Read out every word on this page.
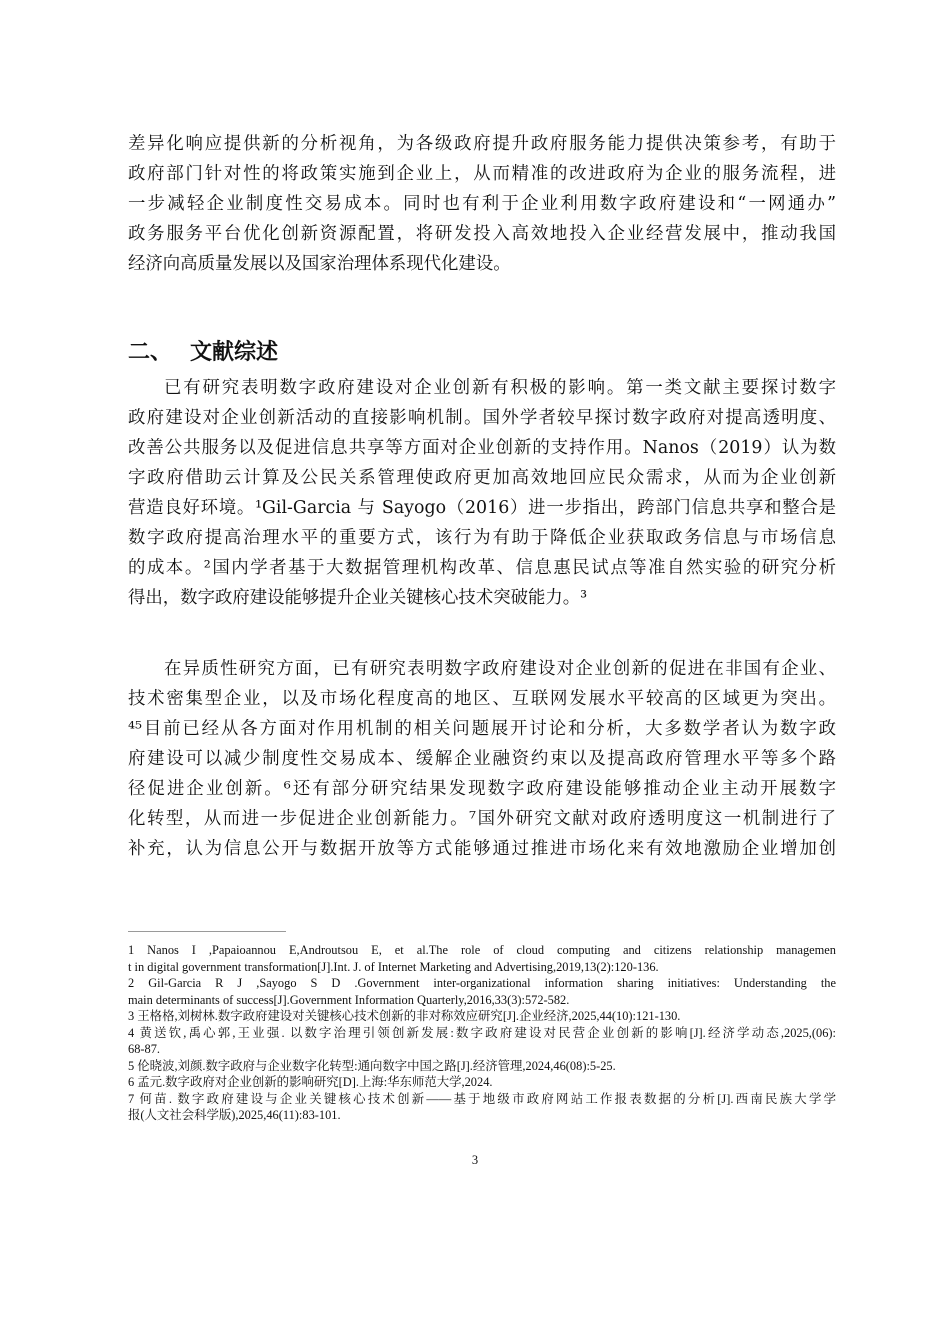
差异化响应提供新的分析视角，为各级政府提升政府服务能力提供决策参考，有助于
政府部门针对性的将政策实施到企业上，从而精准的改进政府为企业的服务流程，进
一步减轻企业制度性交易成本。同时也有利于企业利用数字政府建设和“一网通办”
政务服务平台优化创新资源配置，将研发投入高效地投入企业经营发展中，推动我国
经济向高质量发展以及国家治理体系现代化建设。
二、 文献综述
已有研究表明数字政府建设对企业创新有积极的影响。第一类文献主要探讨数字
政府建设对企业创新活动的直接影响机制。国外学者较早探讨数字政府对提高透明度、
改善公共服务以及促进信息共享等方面对企业创新的支持作用。Nanos（2019）认为数
字政府借助云计算及公民关系管理使政府更加高效地回应民众需求，从而为企业创新
营造良好环境。¹Gil-Garcia 与 Sayogo（2016）进一步指出，跨部门信息共享和整合是
数字政府提高治理水平的重要方式，该行为有助于降低企业获取政务信息与市场信息
的成本。²国内学者基于大数据管理机构改革、信息惠民试点等准自然实验的研究分析
得出，数字政府建设能够提升企业关键核心技术突破能力。³
在异质性研究方面，已有研究表明数字政府建设对企业创新的促进在非国有企业、
技术密集型企业，以及市场化程度高的地区、互联网发展水平较高的区域更为突出。
⁴⁵目前已经从各方面对作用机制的相关问题展开讨论和分析，大多数学者认为数字政
府建设可以减少制度性交易成本、缓解企业融资约束以及提高政府管理水平等多个路
径促进企业创新。⁶还有部分研究结果发现数字政府建设能够推动企业主动开展数字
化转型，从而进一步促进企业创新能力。⁷国外研究文献对政府透明度这一机制进行了
补充，认为信息公开与数据开放等方式能够通过推进市场化来有效地激励企业增加创
1 Nanos I ,Papaioannou E,Androutsou E, et al.The role of cloud computing and citizens relationship managemen
t in digital government transformation[J].Int. J. of Internet Marketing and Advertising,2019,13(2):120-136.
2 Gil-Garcia R J ,Sayogo S D .Government inter-organizational information sharing initiatives: Understanding the
main determinants of success[J].Government Information Quarterly,2016,33(3):572-582.
3 王格格,刘树林.数字政府建设对关键核心技术创新的非对称效应研究[J].企业经济,2025,44(10):121-130.
4 黄送钦,禹心郭,王业强. 以数字治理引领创新发展:数字政府建设对民营企业创新的影响[J].经济学动态,2025,(06):
68-87.
5 伦晓波,刘颜.数字政府与企业数字化转型:通向数字中国之路[J].经济管理,2024,46(08):5-25.
6 孟元.数字政府对企业创新的影响研究[D].上海:华东师范大学,2024.
7 何苗. 数字政府建设与企业关键核心技术创新——基于地级市政府网站工作报表数据的分析[J].西南民族大学学
报(人文社会科学版),2025,46(11):83-101.
3
